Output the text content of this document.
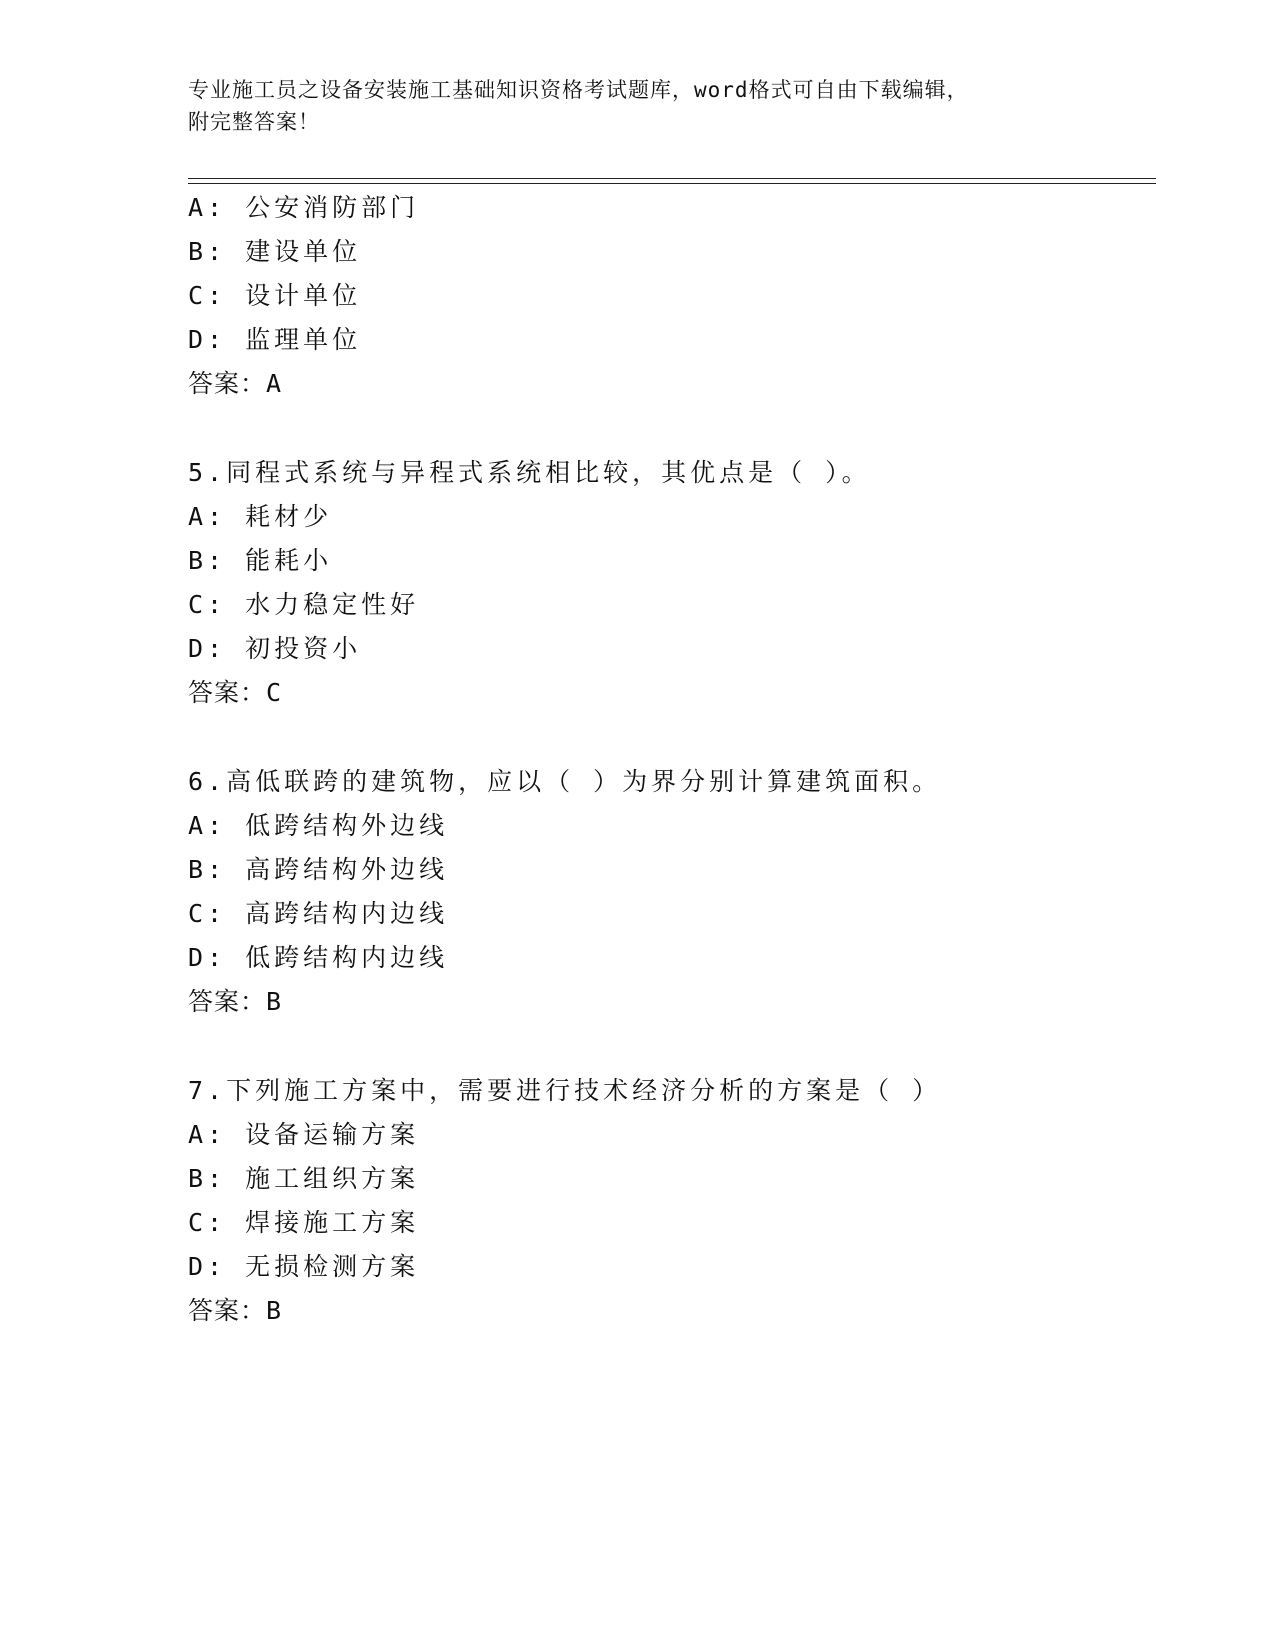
专业施工员之设备安装施工基础知识资格考试题库，word格式可自由下载编辑，
附完整答案！
A: 公安消防部门
B: 建设单位
C: 设计单位
D: 监理单位
答案：A
5.同程式系统与异程式系统相比较，其优点是（ ）。
A: 耗材少
B: 能耗小
C: 水力稳定性好
D: 初投资小
答案：C
6.高低联跨的建筑物，应以（ ）为界分别计算建筑面积。
A: 低跨结构外边线
B: 高跨结构外边线
C: 高跨结构内边线
D: 低跨结构内边线
答案：B
7.下列施工方案中，需要进行技术经济分析的方案是（ ）
A: 设备运输方案
B: 施工组织方案
C: 焊接施工方案
D: 无损检测方案
答案：B
